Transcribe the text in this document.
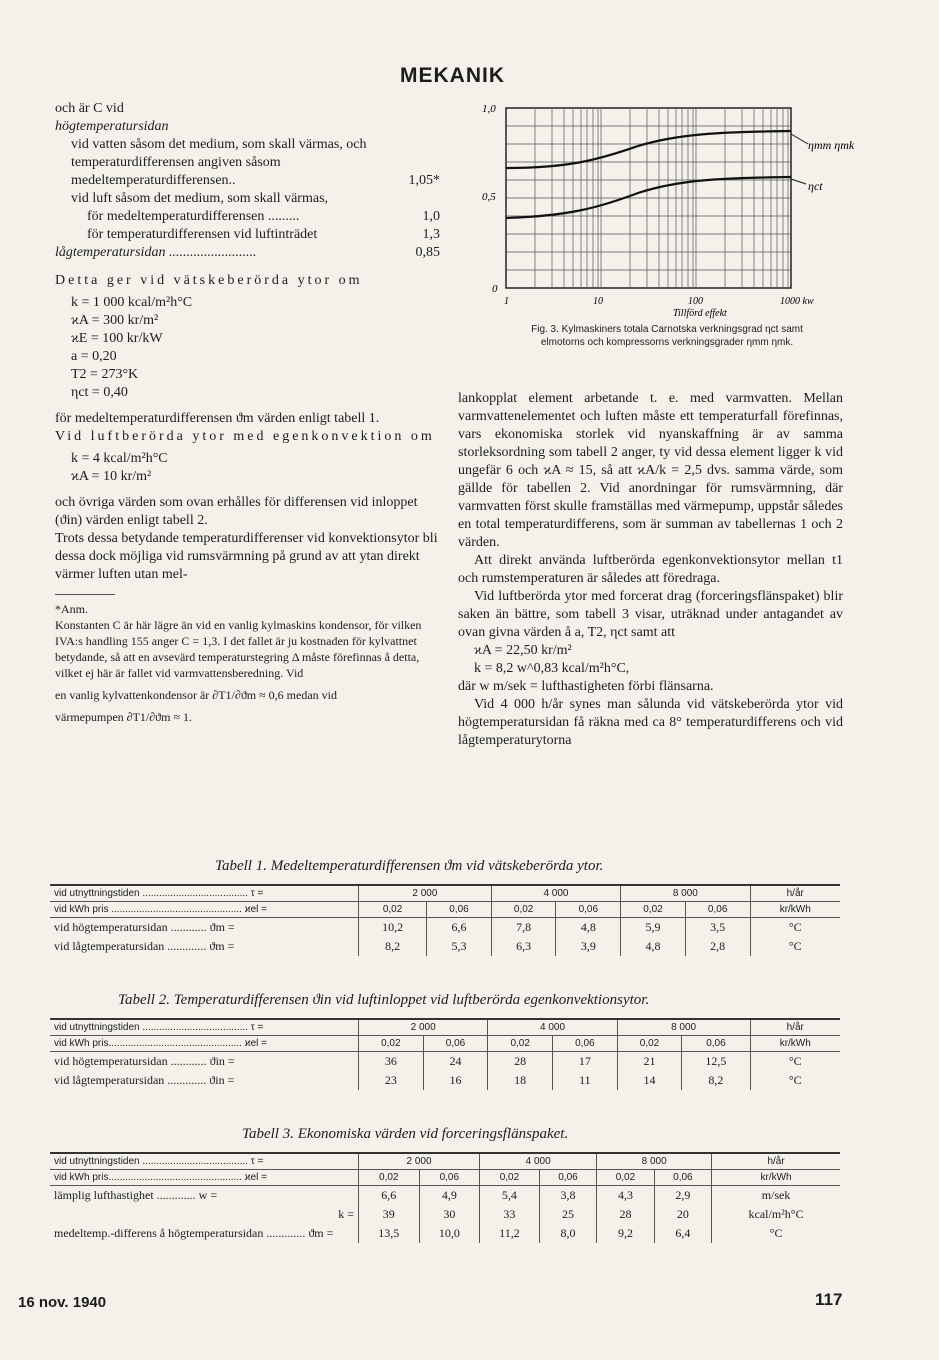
MEKANIK

och är C vid

högtemperatursidan

vid vatten såsom det medium, som skall värmas, och temperaturdifferensen angiven såsom medeltemperaturdifferensen..	1,05*

vid luft såsom det medium, som skall värmas,

för medeltemperaturdifferensen .........	1,0
för temperaturdifferensen vid luftinträdet	1,3
lågtemperatursidan .........................	0,85

Detta ger vid vätskeberörda ytor om

k = 1 000 kcal/m²h°C

ϰA = 300 kr/m²

ϰE = 100 kr/kW

a = 0,20

T2 = 273°K

ηct = 0,40

för medeltemperaturdifferensen ϑm värden enligt tabell 1.

Vid luftberörda ytor med egenkonvektion om

k = 4 kcal/m²h°C

ϰA = 10 kr/m²

och övriga värden som ovan erhålles för differensen vid inloppet (ϑin) värden enligt tabell 2.

Trots dessa betydande temperaturdifferenser vid konvektionsytor bli dessa dock möjliga vid rumsvärmning på grund av att ytan direkt värmer luften utan mel-

*Anm.

Konstanten C är här lägre än vid en vanlig kylmaskins kondensor, för vilken IVA:s handling 155 anger C = 1,3. I det fallet är ju kostnaden för kylvattnet betydande, så att en avsevärd temperaturstegring Δ måste förefinnas å detta, vilket ej här är fallet vid varmvattensberedning. Vid

en vanlig kylvattenkondensor är ∂T1/∂ϑm ≈ 0,6 medan vid

värmepumpen ∂T1/∂ϑm ≈ 1.

1,0
0,5
0
1	10	100	1000 kw
Tillförd effekt
ηmm ηmk
ηct
Fig. 3. Kylmaskiners totala Carnotska verkningsgrad ηct samt elmotorns och kompressorns verkningsgrader ηmm ηmk.

lankopplat element arbetande t. e. med varmvatten. Mellan varmvattenelementet och luften måste ett temperaturfall förefinnas, vars ekonomiska storlek vid nyanskaffning är av samma storleksordning som tabell 2 anger, ty vid dessa element ligger k vid ungefär 6 och ϰA ≈ 15, så att ϰA/k = 2,5 dvs. samma värde, som gällde för tabellen 2. Vid anordningar för rumsvärmning, där varmvatten först skulle framställas med värmepump, uppstår således en total temperaturdifferens, som är summan av tabellernas 1 och 2 värden.

Att direkt använda luftberörda egenkonvektionsytor mellan t1 och rumstemperaturen är således att föredraga.

Vid luftberörda ytor med forcerat drag (forceringsflänspaket) blir saken än bättre, som tabell 3 visar, uträknad under antagandet av ovan givna värden å a, T2, ηct samt att

ϰA = 22,50 kr/m²

k = 8,2 w^0,83 kcal/m²h°C,

där w m/sek = lufthastigheten förbi flänsarna.

Vid 4 000 h/år synes man sålunda vid vätskeberörda ytor vid högtemperatursidan få räkna med ca 8° temperaturdifferens och vid lågtemperaturytorna

Tabell 1. Medeltemperaturdifferensen ϑm vid vätskeberörda ytor.
vid utnyttningstiden ...................................... τ =	2 000		4 000		8 000		h/år
vid kWh pris ............................................... ϰel =	0,02	0,06	0,02	0,06	0,02	0,06	kr/kWh
vid högtemperatursidan ............ ϑm =	10,2	6,6	7,8	4,8	5,9	3,5	°C
vid lågtemperatursidan ............. ϑm =	8,2	5,3	6,3	3,9	4,8	2,8	°C
Tabell 2. Temperaturdifferensen ϑin vid luftinloppet vid luftberörda egenkonvektionsytor.
vid utnyttningstiden ...................................... τ =	2 000		4 000		8 000		h/år
vid kWh pris................................................ ϰel =	0,02	0,06	0,02	0,06	0,02	0,06	kr/kWh
vid högtemperatursidan ............ ϑin =	36	24	28	17	21	12,5	°C
vid lågtemperatursidan ............. ϑin =	23	16	18	11	14	8,2	°C
Tabell 3. Ekonomiska värden vid forceringsflänspaket.
vid utnyttningstiden ...................................... τ =	2 000		4 000		8 000		h/år
vid kWh pris................................................ ϰel =	0,02	0,06	0,02	0,06	0,02	0,06	kr/kWh
lämplig lufthastighet ............. w =	6,6	4,9	5,4	3,8	4,3	2,9	m/sek
k =	39	30	33	25	28	20	kcal/m²h°C
medeltemp.-differens å högtemperatursidan ............. ϑm =	13,5	10,0	11,2	8,0	9,2	6,4	°C
16 nov. 1940	117
